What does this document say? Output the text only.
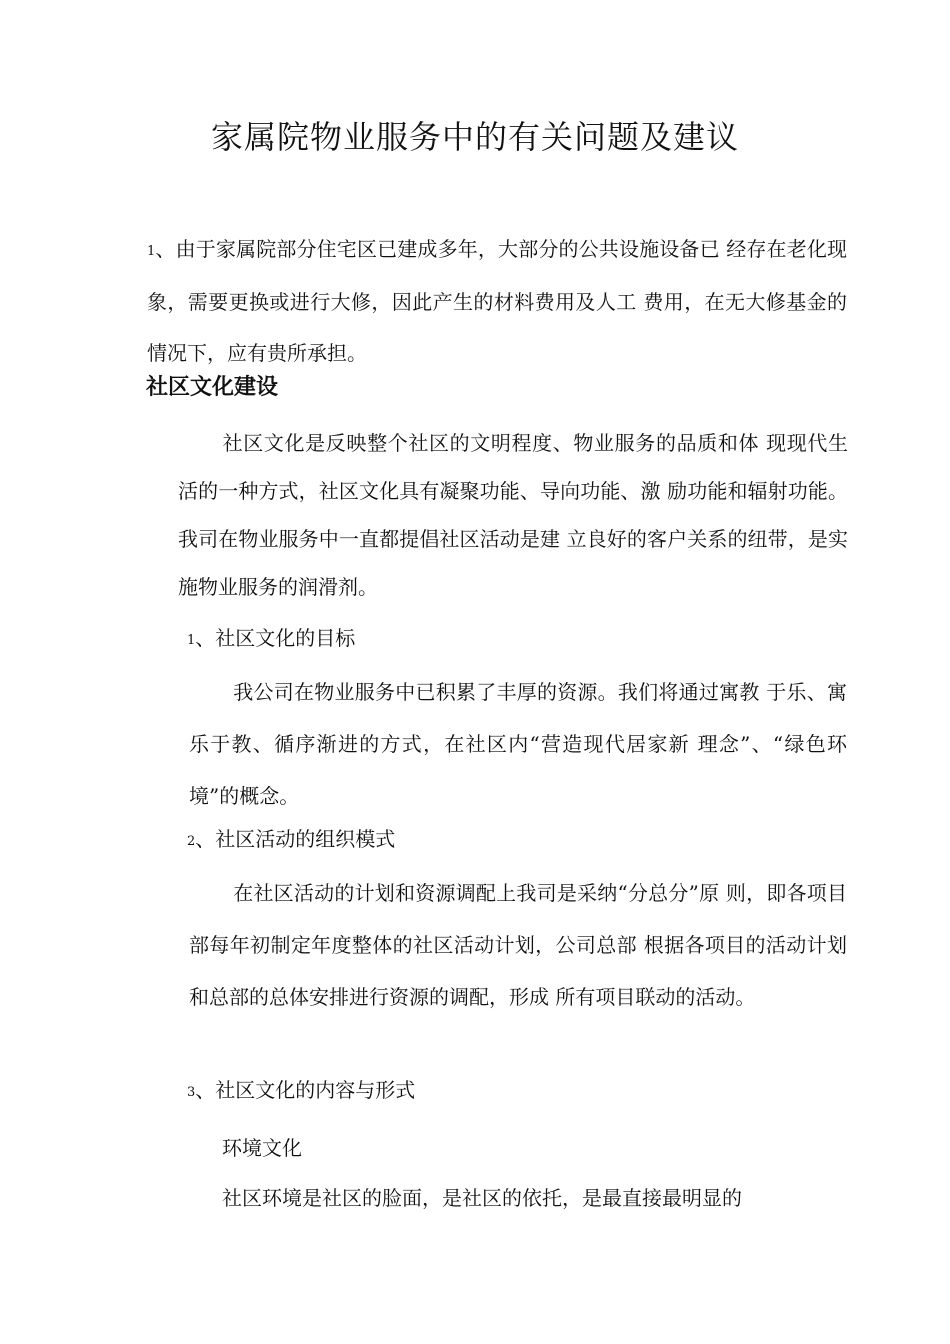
家属院物业服务中的有关问题及建议

1、由于家属院部分住宅区已建成多年，大部分的公共设施设备已 经存在老化现象，需要更换或进行大修，因此产生的材料费用及人工 费用，在无大修基金的情况下，应有贵所承担。

社区文化建设

社区文化是反映整个社区的文明程度、物业服务的品质和体 现现代生活的一种方式，社区文化具有凝聚功能、导向功能、激 励功能和辐射功能。我司在物业服务中一直都提倡社区活动是建 立良好的客户关系的纽带，是实施物业服务的润滑剂。

1、社区文化的目标

我公司在物业服务中已积累了丰厚的资源。我们将通过寓教 于乐、寓乐于教、循序渐进的方式，在社区内“营造现代居家新 理念”、“绿色环境”的概念。

2、社区活动的组织模式

在社区活动的计划和资源调配上我司是采纳“分总分”原 则，即各项目部每年初制定年度整体的社区活动计划，公司总部 根据各项目的活动计划和总部的总体安排进行资源的调配，形成 所有项目联动的活动。

3、社区文化的内容与形式

环境文化

社区环境是社区的脸面，是社区的依托，是最直接最明显的
